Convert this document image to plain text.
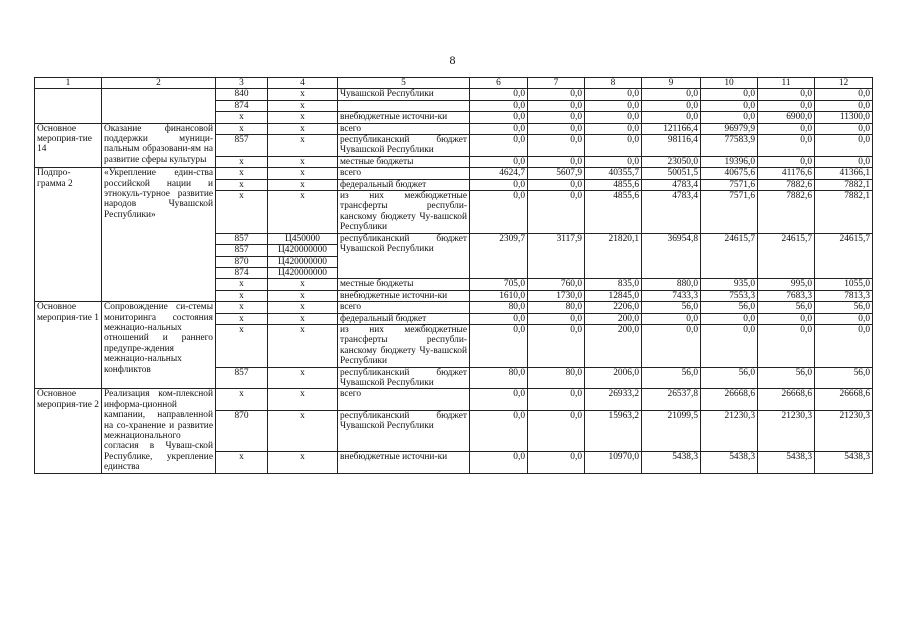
8
1	2	3	4	5	6	7	8	9	10	11	12
		840	х	Чувашской Республики	0,0	0,0	0,0	0,0	0,0	0,0	0,0
		874	х		0,0	0,0	0,0	0,0	0,0	0,0	0,0
		х	х	внебюджетные источни-ки	0,0	0,0	0,0	0,0	0,0	6900,0	11300,0
Основное мероприя-тие 14	Оказание финансовой поддержки муници-пальным образовани-ям на развитие сферы культуры	х	х	всего	0,0	0,0	0,0	121166,4	96979,9	0,0	0,0
		857	х	республиканский бюджет Чувашской Республики	0,0	0,0	0,0	98116,4	77583,9	0,0	0,0
		х	х	местные бюджеты	0,0	0,0	0,0	23050,0	19396,0	0,0	0,0
Подпро-грамма 2	«Укрепление един-ства российской нации и этнокуль-турное развитие народов Чувашской Республики»	х	х	всего	4624,7	5607,9	40355,7	50051,5	40675,6	41176,6	41366,1
		х	х	федеральный бюджет	0,0	0,0	4855,6	4783,4	7571,6	7882,6	7882,1
		х	х	из них межбюджетные трансферты республи-канскому бюджету Чу-вашской Республики	0,0	0,0	4855,6	4783,4	7571,6	7882,6	7882,1
		857	Ц450000	республиканский бюджет Чувашской Республики	2309,7	3117,9	21820,1	36954,8	24615,7	24615,7	24615,7
		857	Ц420000000								
		870	Ц420000000								
		874	Ц420000000								
		х	х	местные бюджеты	705,0	760,0	835,0	880,0	935,0	995,0	1055,0
		х	х	внебюджетные источни-ки	1610,0	1730,0	12845,0	7433,3	7553,3	7683,3	7813,3
Основное мероприя-тие 1	Сопровождение си-стемы мониторинга состояния межнацио-нальных отношений и раннего предупре-ждения межнацио-нальных конфликтов	х	х	всего	80,0	80,0	2206,0	56,0	56,0	56,0	56,0
		х	х	федеральный бюджет	0,0	0,0	200,0	0,0	0,0	0,0	0,0
		х	х	из них межбюджетные трансферты республи-канскому бюджету Чу-вашской Республики	0,0	0,0	200,0	0,0	0,0	0,0	0,0
		857	х	республиканский бюджет Чувашской Республики	80,0	80,0	2006,0	56,0	56,0	56,0	56,0
Основное мероприя-тие 2	Реализация ком-плексной информа-ционной кампании, направленной на со-хранение и развитие межнационального согласия в Чуваш-ской Республике, укрепление единства	х	х	всего	0,0	0,0	26933,2	26537,8	26668,6	26668,6	26668,6
		870	х	республиканский бюджет Чувашской Республики	0,0	0,0	15963,2	21099,5	21230,3	21230,3	21230,3
		х	х	внебюджетные источни-ки	0,0	0,0	10970,0	5438,3	5438,3	5438,3	5438,3
